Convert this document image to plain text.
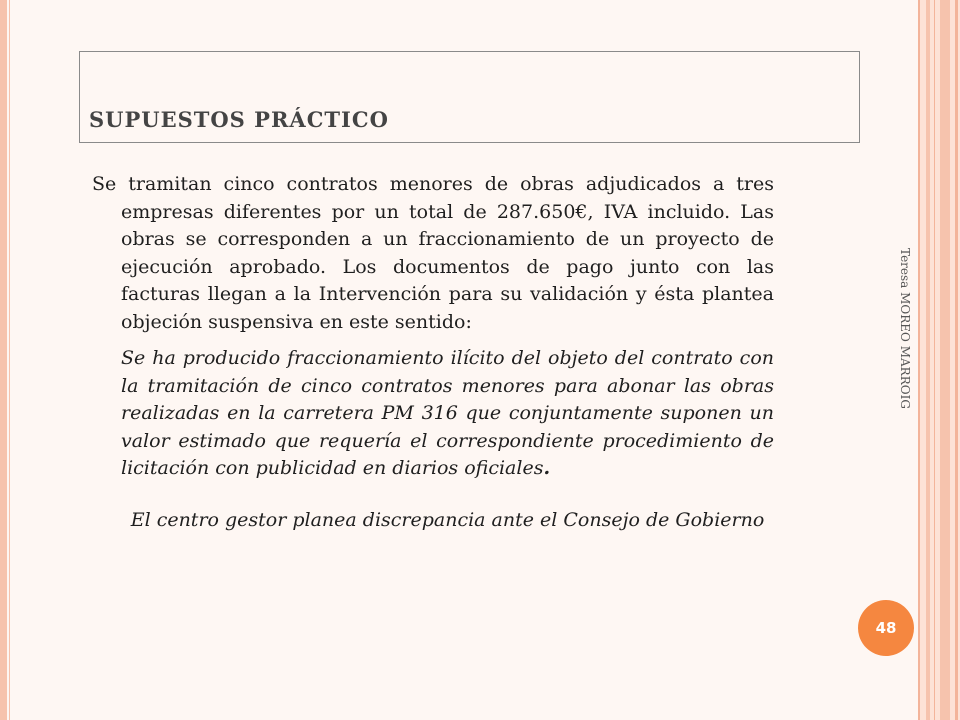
SUPUESTOS PRÁCTICO

Se tramitan cinco contratos menores de obras adjudicados a tres empresas diferentes por un total de 287.650€, IVA incluido. Las obras se corresponden a un fraccionamiento de un proyecto de ejecución aprobado. Los documentos de pago junto con las facturas llegan a la Intervención para su validación y ésta plantea objeción suspensiva en este sentido:

Se ha producido fraccionamiento ilícito del objeto del contrato con la tramitación de cinco contratos menores para abonar las obras realizadas en la carretera PM 316 que conjuntamente suponen un valor estimado que requería el correspondiente procedimiento de licitación con publicidad en diarios oficiales.

El centro gestor planea discrepancia ante el Consejo de Gobierno

Teresa MOREO MARROIG
48
